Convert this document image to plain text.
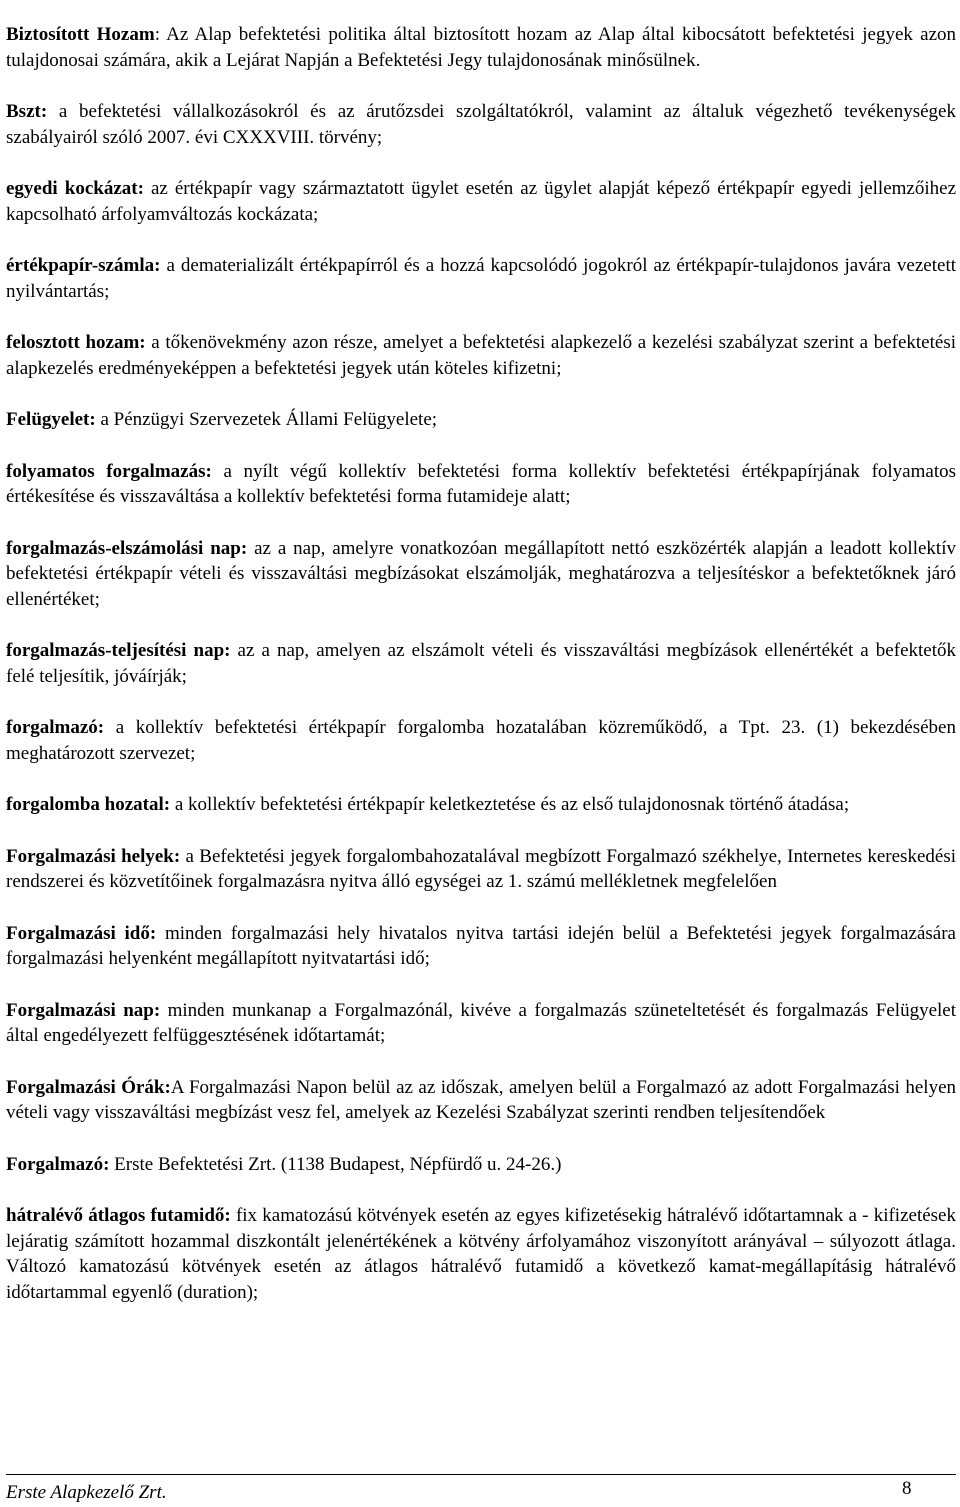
Biztosított Hozam: Az Alap befektetési politika által biztosított hozam az Alap által kibocsátott befektetési jegyek azon tulajdonosai számára, akik a Lejárat Napján a Befektetési Jegy tulajdonosának minősülnek.

Bszt: a befektetési vállalkozásokról és az árutőzsdei szolgáltatókról, valamint az általuk végezhető tevékenységek szabályairól szóló 2007. évi CXXXVIII. törvény;

egyedi kockázat: az értékpapír vagy származtatott ügylet esetén az ügylet alapját képező értékpapír egyedi jellemzőihez kapcsolható árfolyamváltozás kockázata;

értékpapír-számla: a dematerializált értékpapírról és a hozzá kapcsolódó jogokról az értékpapír-tulajdonos javára vezetett nyilvántartás;

felosztott hozam: a tőkenövekmény azon része, amelyet a befektetési alapkezelő a kezelési szabályzat szerint a befektetési alapkezelés eredményeképpen a befektetési jegyek után köteles kifizetni;

Felügyelet: a Pénzügyi Szervezetek Állami Felügyelete;

folyamatos forgalmazás: a nyílt végű kollektív befektetési forma kollektív befektetési értékpapírjának folyamatos értékesítése és visszaváltása a kollektív befektetési forma futamideje alatt;

forgalmazás-elszámolási nap: az a nap, amelyre vonatkozóan megállapított nettó eszközérték alapján a leadott kollektív befektetési értékpapír vételi és visszaváltási megbízásokat elszámolják, meghatározva a teljesítéskor a befektetőknek járó ellenértéket;

forgalmazás-teljesítési nap: az a nap, amelyen az elszámolt vételi és visszaváltási megbízások ellenértékét a befektetők felé teljesítik, jóváírják;

forgalmazó: a kollektív befektetési értékpapír forgalomba hozatalában közreműködő, a Tpt. 23. (1) bekezdésében meghatározott szervezet;

forgalomba hozatal: a kollektív befektetési értékpapír keletkeztetése és az első tulajdonosnak történő átadása;

Forgalmazási helyek: a Befektetési jegyek forgalombahozatalával megbízott Forgalmazó székhelye, Internetes kereskedési rendszerei és közvetítőinek forgalmazásra nyitva álló egységei az 1. számú mellékletnek megfelelően

Forgalmazási idő: minden forgalmazási hely hivatalos nyitva tartási idején belül a Befektetési jegyek forgalmazására forgalmazási helyenként megállapított nyitvatartási idő;

Forgalmazási nap: minden munkanap a Forgalmazónál, kivéve a forgalmazás szüneteltetését és forgalmazás Felügyelet által engedélyezett felfüggesztésének időtartamát;

Forgalmazási Órák:A Forgalmazási Napon belül az az időszak, amelyen belül a Forgalmazó az adott Forgalmazási helyen vételi vagy visszaváltási megbízást vesz fel, amelyek az Kezelési Szabályzat szerinti rendben teljesítendőek

Forgalmazó: Erste Befektetési Zrt. (1138 Budapest, Népfürdő u. 24-26.)

hátralévő átlagos futamidő: fix kamatozású kötvények esetén az egyes kifizetésekig hátralévő időtartamnak a - kifizetések lejáratig számított hozammal diszkontált jelenértékének a kötvény árfolyamához viszonyított arányával – súlyozott átlaga. Változó kamatozású kötvények esetén az átlagos hátralévő futamidő a következő kamat-megállapításig hátralévő időtartammal egyenlő (duration);

Erste Alapkezelő Zrt.	8
